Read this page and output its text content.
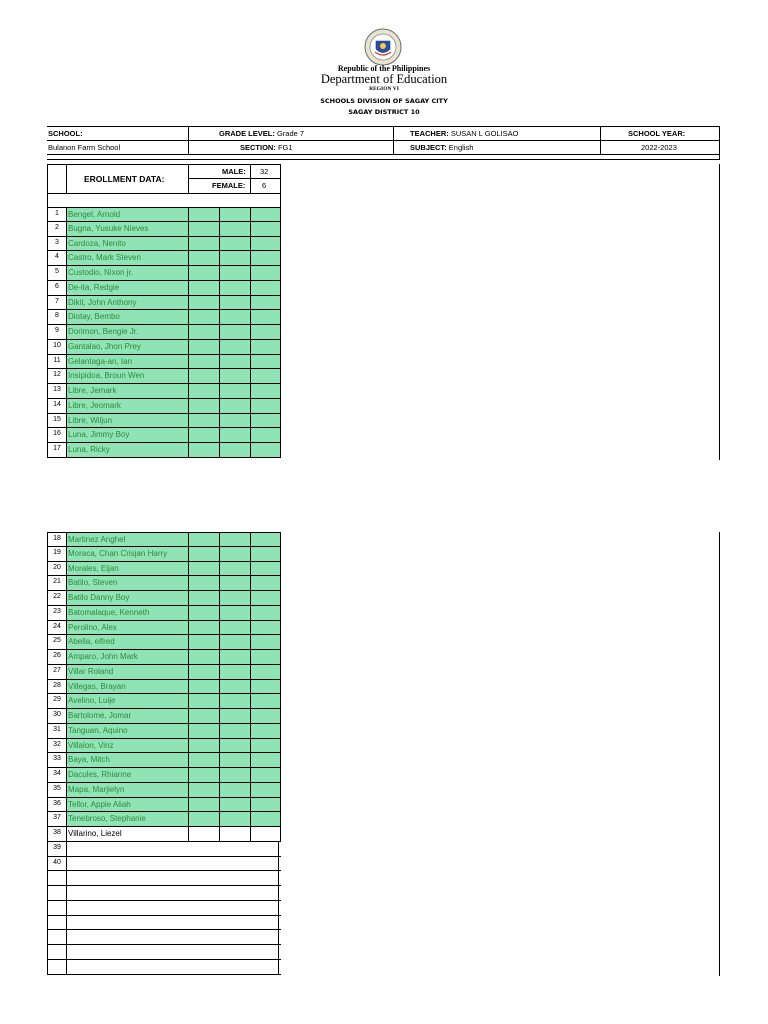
Republic of the Philippines
Department of Education
REGION VI
SCHOOLS DIVISION OF SAGAY CITY
SAGAY DISTRICT 10
SCHOOL:
Bulanon Farm School
GRADE LEVEL: Grade 7
SECTION: FG1
TEACHER: SUSAN L GOLISAO
SUBJECT: English
SCHOOL YEAR:
2022-2023
EROLLMENT DATA:
MALE: 32
FEMALE: 6
1	Bengel, Arnold
2	Bugna, Yusuke Nieves
3	Cardoza, Nenito
4	Castro, Mark Steven
5	Custodio, Nixon jr.
6	De-ita, Redgie
7	Dikit, John Anthony
8	Diotay, Bembo
9	Dorimon, Bengie Jr.
10 Gantalao, Jhon Prey
11 Gelantaga-an, Ian
12 Insipidoa, Broun Wen
13 Libre, Jemark
14 Libre, Jeomark
15 Libre, Wiljun
16 Luna, Jimmy Boy
17 Luna, Ricky
18 Martinez Anghel
19 Moraca, Chan Crisjan Harry
20 Morales, Eljan
21 Batilo, Steven
22 Batilo Danny Boy
23 Batomalaque, Kenneth
24 Perolino, Alex
25 Abella, elfred
26 Amparo, John Mark
27 Villar Roland
28 Villegas, Brayan
29 Avelino, Luije
30 Bartolome, Jomar
31 Tanguan, Aquino
32 Villalon, Vinz
33 Baya, Mitch
34 Dacules, Rhianne
35 Mapa, Marjielyn
36 Tellor, Apple Aliah
37 Tenebroso, Stephanie
38 Villarino, Liezel
39
40
